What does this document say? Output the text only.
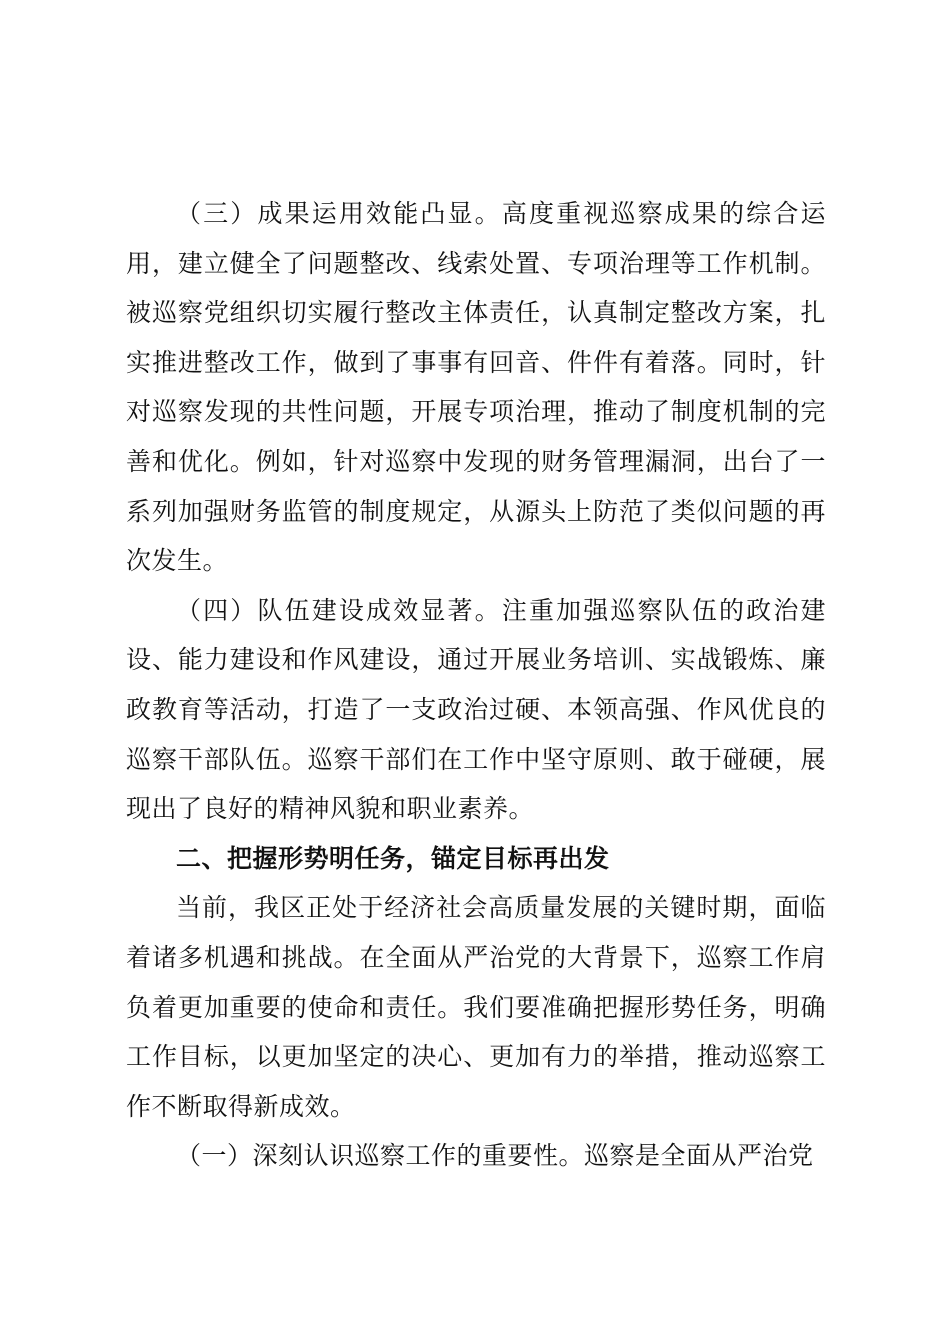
（三）成果运用效能凸显。高度重视巡察成果的综合运用，建立健全了问题整改、线索处置、专项治理等工作机制。被巡察党组织切实履行整改主体责任，认真制定整改方案，扎实推进整改工作，做到了事事有回音、件件有着落。同时，针对巡察发现的共性问题，开展专项治理，推动了制度机制的完善和优化。例如，针对巡察中发现的财务管理漏洞，出台了一系列加强财务监管的制度规定，从源头上防范了类似问题的再次发生。

（四）队伍建设成效显著。注重加强巡察队伍的政治建设、能力建设和作风建设，通过开展业务培训、实战锻炼、廉政教育等活动，打造了一支政治过硬、本领高强、作风优良的巡察干部队伍。巡察干部们在工作中坚守原则、敢于碰硬，展现出了良好的精神风貌和职业素养。

二、把握形势明任务，锚定目标再出发

当前，我区正处于经济社会高质量发展的关键时期，面临着诸多机遇和挑战。在全面从严治党的大背景下，巡察工作肩负着更加重要的使命和责任。我们要准确把握形势任务，明确工作目标，以更加坚定的决心、更加有力的举措，推动巡察工作不断取得新成效。

（一）深刻认识巡察工作的重要性。巡察是全面从严治党
